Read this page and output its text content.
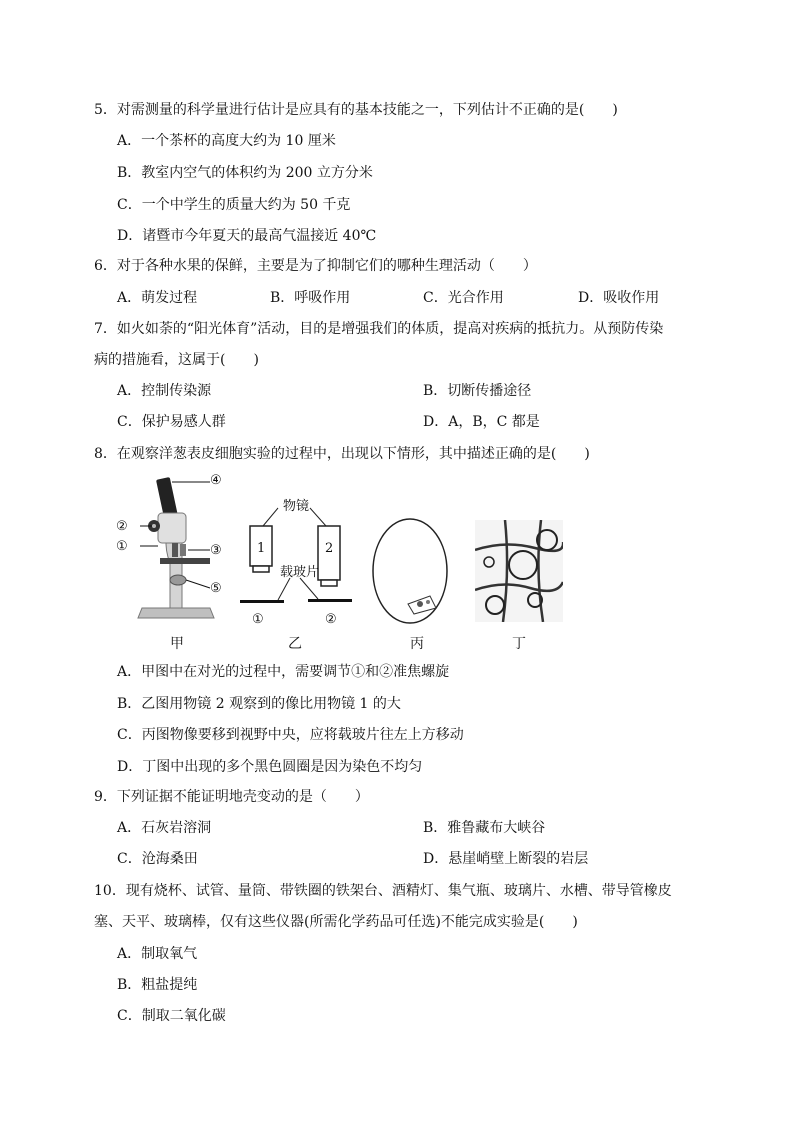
5．对需测量的科学量进行估计是应具有的基本技能之一，下列估计不正确的是(　　)
A．一个茶杯的高度大约为 10 厘米
B．教室内空气的体积约为 200 立方分米
C．一个中学生的质量大约为 50 千克
D．诸暨市今年夏天的最高气温接近 40℃
6．对于各种水果的保鲜，主要是为了抑制它们的哪种生理活动（　　）
A．萌发过程	B．呼吸作用	C．光合作用	D．吸收作用
7．如火如荼的“阳光体育”活动，目的是增强我们的体质，提高对疾病的抵抗力。从预防传染
病的措施看，这属于(　　)
A．控制传染源	B．切断传播途径
C．保护易感人群	D．A，B，C 都是
8．在观察洋葱表皮细胞实验的过程中，出现以下情形，其中描述正确的是(　　)
④
②
①	③
⑤
物镜
1	2
载玻片
①	②
甲	乙	丙	丁
A．甲图中在对光的过程中，需要调节①和②准焦螺旋
B．乙图用物镜 2 观察到的像比用物镜 1 的大
C．丙图物像要移到视野中央，应将载玻片往左上方移动
D．丁图中出现的多个黑色圆圈是因为染色不均匀
9．下列证据不能证明地壳变动的是（　　）
A．石灰岩溶洞	B．雅鲁藏布大峡谷
C．沧海桑田	D．悬崖峭壁上断裂的岩层
10．现有烧杯、试管、量筒、带铁圈的铁架台、酒精灯、集气瓶、玻璃片、水槽、带导管橡皮
塞、天平、玻璃棒，仅有这些仪器(所需化学药品可任选)不能完成实验是(　　)
A．制取氧气
B．粗盐提纯
C．制取二氧化碳
